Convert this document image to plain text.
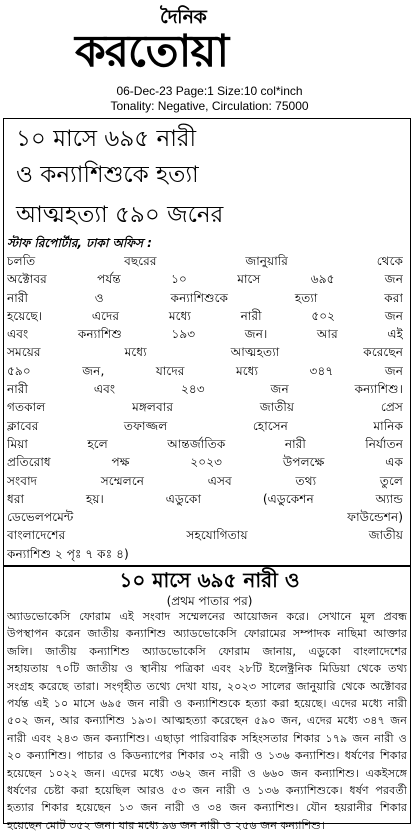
দৈনিক
করতোয়া
06-Dec-23 Page:1 Size:10 col*inch
Tonality: Negative, Circulation: 75000
১০ মাসে ৬৯৫ নারী
ও কন্যাশিশুকে হত্যা
আত্মহত্যা ৫৯০ জনের
স্টাফ রিপোর্টার, ঢাকা অফিস :
চলতি বছরের জানুয়ারি থেকে
অক্টোবর পর্যন্ত ১০ মাসে ৬৯৫ জন
নারী ও কন্যাশিশুকে হত্যা করা
হয়েছে। এদের মধ্যে নারী ৫০২ জন
এবং কন্যাশিশু ১৯৩ জন। আর এই
সময়ের মধ্যে আত্মহত্যা করেছেন
৫৯০ জন, যাদের মধ্যে ৩৪৭ জন
নারী এবং ২৪৩ জন কন্যাশিশু।
গতকাল মঙ্গলবার জাতীয় প্রেস
ক্লাবের তফাজ্জল হোসেন মানিক
মিয়া হলে আন্তর্জাতিক নারী নির্যাতন
প্রতিরোধ পক্ষ ২০২৩ উপলক্ষে এক
সংবাদ সম্মেলনে এসব তথ্য তুলে
ধরা হয়। এডুকো (এডুকেশন অ্যান্ড
ডেভেলপমেন্ট ফাউন্ডেশন)
বাংলাদেশের সহযোগিতায় জাতীয়
কন্যাশিশু ২ পৃঃ ৭ কঃ ৪)
১০ মাসে ৬৯৫ নারী ও
(প্রথম পাতার পর)
অ্যাডভোকেসি ফোরাম এই সংবাদ সম্মেলনের আয়োজন করে। সেখানে মূল প্রবন্ধ
উপস্থাপন করেন জাতীয় কন্যাশিশু অ্যাডভোকেসি ফোরামের সম্পাদক নাছিমা আক্তার
জলি। জাতীয় কন্যাশিশু অ্যাডভোকেসি ফোরাম জানায়, এডুকো বাংলাদেশের
সহায়তায় ৭০টি জাতীয় ও স্থানীয় পত্রিকা এবং ২৮টি ইলেক্ট্রনিক মিডিয়া থেকে তথ্য
সংগ্রহ করেছে তারা। সংগৃহীত তথ্যে দেখা যায়, ২০২৩ সালের জানুয়ারি থেকে অক্টোবর
পর্যন্ত এই ১০ মাসে ৬৯৫ জন নারী ও কন্যাশিশুকে হত্যা করা হয়েছে। এদের মধ্যে নারী
৫০২ জন, আর কন্যাশিশু ১৯৩। আত্মহত্যা করেছেন ৫৯০ জন, এদের মধ্যে ৩৪৭ জন
নারী এবং ২৪৩ জন কন্যাশিশু। এছাড়া পারিবারিক সহিংসতার শিকার ১৭৯ জন নারী ও
২০ কন্যাশিশু। পাচার ও কিডন্যাপের শিকার ৩২ নারী ও ১৩৬ কন্যাশিশু। ধর্ষণের শিকার
হয়েছেন ১০২২ জন। এদের মধ্যে ৩৬২ জন নারী ও ৬৬০ জন কন্যাশিশু। একইসঙ্গে
ধর্ষণের চেষ্টা করা হয়েছিল আরও ৫৩ জন নারী ও ১৩৬ কন্যাশিশুকে। ধর্ষণ পরবর্তী
হত্যার শিকার হয়েছেন ১৩ জন নারী ও ৩৪ জন কন্যাশিশু। যৌন হয়রানীর শিকার
হয়েছেন মোট ৩৫২ জন। যার মধ্যে ৯৬ জন নারী ও ২৫৬ জন কন্যাশিশু।
